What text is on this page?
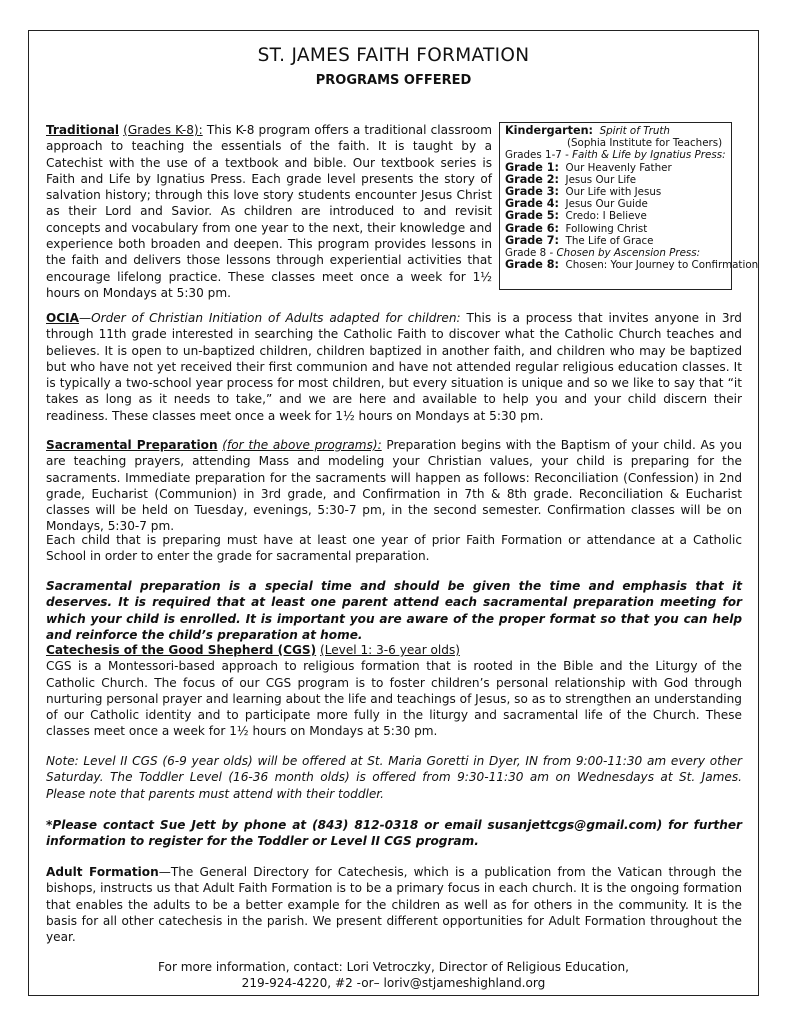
ST. JAMES FAITH FORMATION
PROGRAMS OFFERED

Traditional (Grades K-8): This K-8 program offers a traditional classroom approach to teaching the essentials of the faith. It is taught by a Catechist with the use of a textbook and bible. Our textbook series is Faith and Life by Ignatius Press. Each grade level presents the story of salvation history; through this love story students encounter Jesus Christ as their Lord and Savior. As children are introduced to and revisit concepts and vocabulary from one year to the next, their knowledge and experience both broaden and deepen. This program provides lessons in the faith and delivers those lessons through experiential activities that encourage lifelong practice. These classes meet once a week for 1½ hours on Mondays at 5:30 pm.

Kindergarten: Spirit of Truth
(Sophia Institute for Teachers)
Grades 1-7 - Faith & Life by Ignatius Press:
Grade 1: Our Heavenly Father
Grade 2: Jesus Our Life
Grade 3: Our Life with Jesus
Grade 4: Jesus Our Guide
Grade 5: Credo: I Believe
Grade 6: Following Christ
Grade 7: The Life of Grace
Grade 8 - Chosen by Ascension Press:
Grade 8: Chosen: Your Journey to Confirmation

OCIA—Order of Christian Initiation of Adults adapted for children: This is a process that invites anyone in 3rd through 11th grade interested in searching the Catholic Faith to discover what the Catholic Church teaches and believes. It is open to un-baptized children, children baptized in another faith, and children who may be baptized but who have not yet received their first communion and have not attended regular religious education classes. It is typically a two-school year process for most children, but every situation is unique and so we like to say that “it takes as long as it needs to take,” and we are here and available to help you and your child discern their readiness. These classes meet once a week for 1½ hours on Mondays at 5:30 pm.

Sacramental Preparation (for the above programs): Preparation begins with the Baptism of your child. As you are teaching prayers, attending Mass and modeling your Christian values, your child is preparing for the sacraments. Immediate preparation for the sacraments will happen as follows: Reconciliation (Confession) in 2nd grade, Eucharist (Communion) in 3rd grade, and Confirmation in 7th & 8th grade. Reconciliation & Eucharist classes will be held on Tuesday, evenings, 5:30-7 pm, in the second semester. Confirmation classes will be on Mondays, 5:30-7 pm.

Each child that is preparing must have at least one year of prior Faith Formation or attendance at a Catholic School in order to enter the grade for sacramental preparation.

Sacramental preparation is a special time and should be given the time and emphasis that it deserves. It is required that at least one parent attend each sacramental preparation meeting for which your child is enrolled. It is important you are aware of the proper format so that you can help and reinforce the child’s preparation at home.

Catechesis of the Good Shepherd (CGS) (Level 1: 3-6 year olds)
CGS is a Montessori-based approach to religious formation that is rooted in the Bible and the Liturgy of the Catholic Church. The focus of our CGS program is to foster children’s personal relationship with God through nurturing personal prayer and learning about the life and teachings of Jesus, so as to strengthen an understanding of our Catholic identity and to participate more fully in the liturgy and sacramental life of the Church. These classes meet once a week for 1½ hours on Mondays at 5:30 pm.

Note: Level II CGS (6-9 year olds) will be offered at St. Maria Goretti in Dyer, IN from 9:00-11:30 am every other Saturday. The Toddler Level (16-36 month olds) is offered from 9:30-11:30 am on Wednesdays at St. James. Please note that parents must attend with their toddler.

*Please contact Sue Jett by phone at (843) 812-0318 or email susanjettcgs@gmail.com) for further information to register for the Toddler or Level II CGS program.

Adult Formation—The General Directory for Catechesis, which is a publication from the Vatican through the bishops, instructs us that Adult Faith Formation is to be a primary focus in each church. It is the ongoing formation that enables the adults to be a better example for the children as well as for others in the community. It is the basis for all other catechesis in the parish. We present different opportunities for Adult Formation throughout the year.

For more information, contact: Lori Vetroczky, Director of Religious Education,
219-924-4220, #2 -or– loriv@stjameshighland.org
